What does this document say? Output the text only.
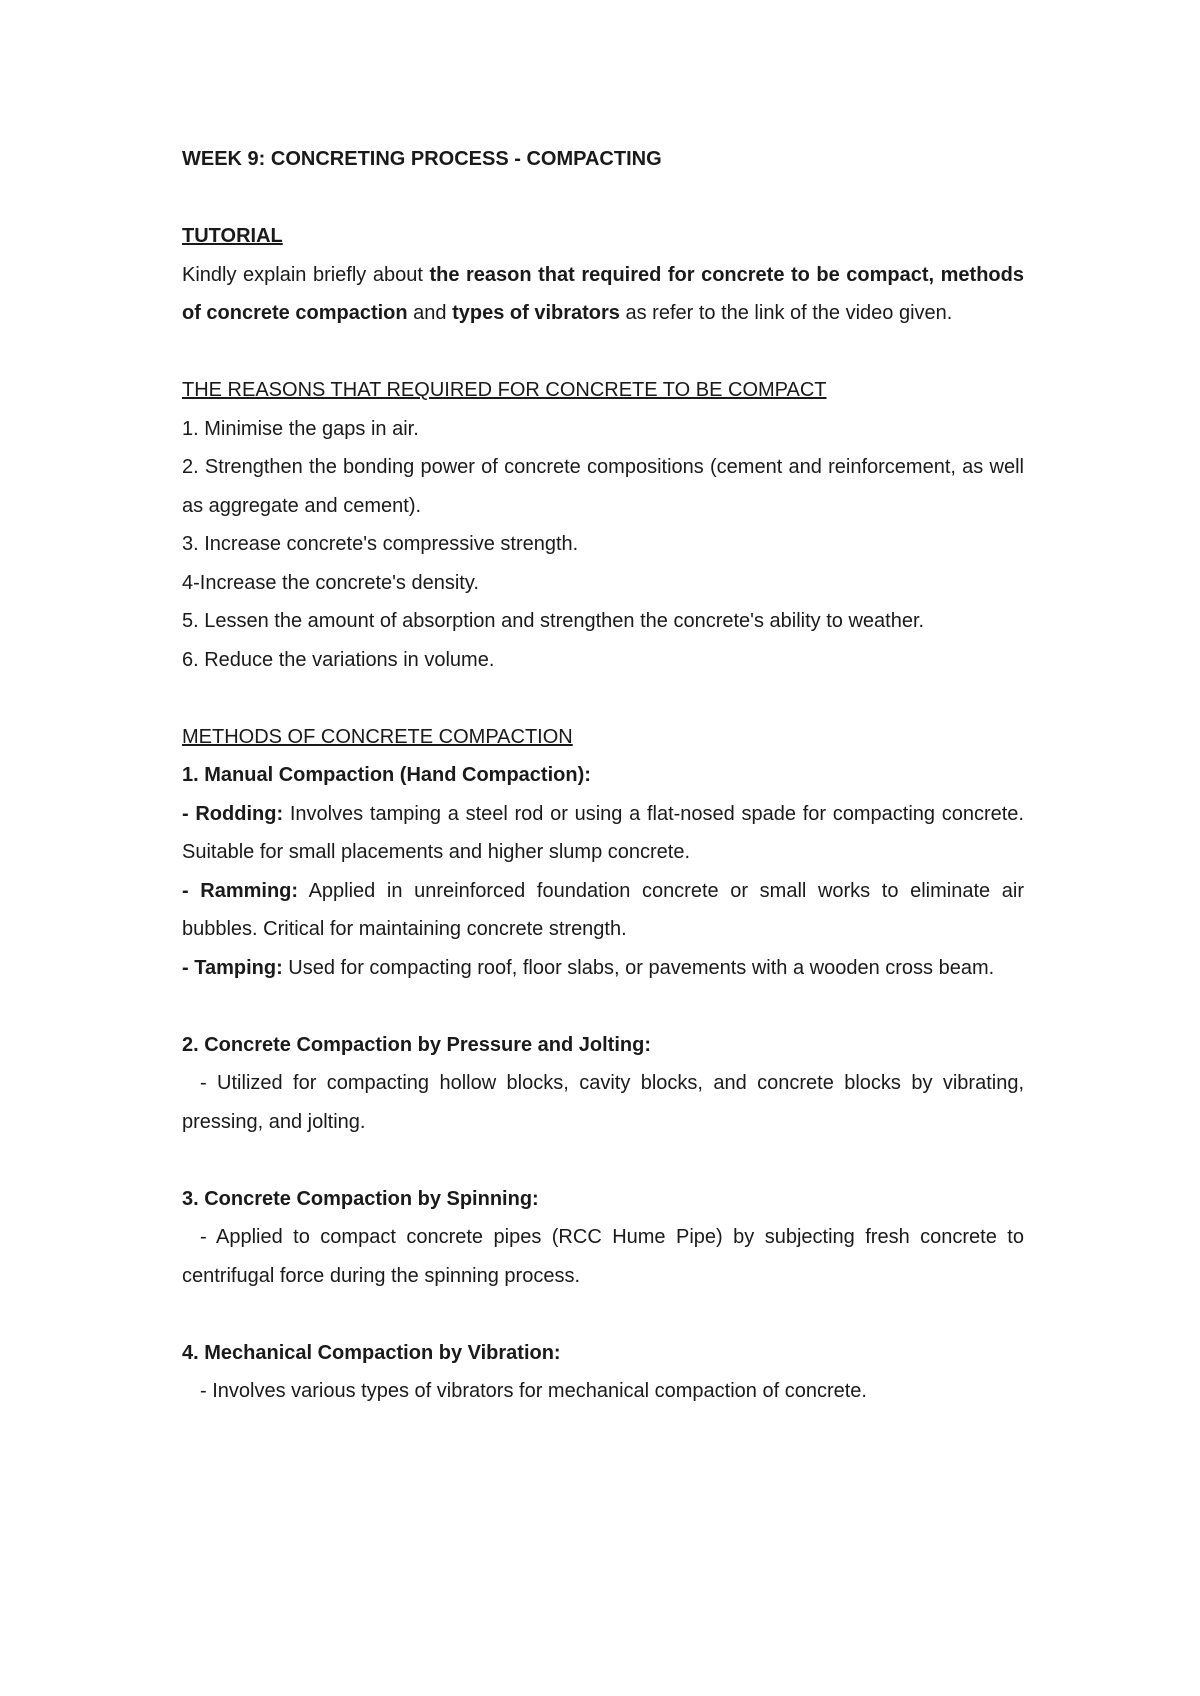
WEEK 9: CONCRETING PROCESS - COMPACTING

TUTORIAL

Kindly explain briefly about the reason that required for concrete to be compact, methods of concrete compaction and types of vibrators as refer to the link of the video given.

THE REASONS THAT REQUIRED FOR CONCRETE TO BE COMPACT

1. Minimise the gaps in air.

2. Strengthen the bonding power of concrete compositions (cement and reinforcement, as well as aggregate and cement).

3. Increase concrete's compressive strength.

4-Increase the concrete's density.

5. Lessen the amount of absorption and strengthen the concrete's ability to weather.

6. Reduce the variations in volume.

METHODS OF CONCRETE COMPACTION

1. Manual Compaction (Hand Compaction):

- Rodding: Involves tamping a steel rod or using a flat-nosed spade for compacting concrete. Suitable for small placements and higher slump concrete.

- Ramming: Applied in unreinforced foundation concrete or small works to eliminate air bubbles. Critical for maintaining concrete strength.

- Tamping: Used for compacting roof, floor slabs, or pavements with a wooden cross beam.

2. Concrete Compaction by Pressure and Jolting:

- Utilized for compacting hollow blocks, cavity blocks, and concrete blocks by vibrating, pressing, and jolting.

3. Concrete Compaction by Spinning:

- Applied to compact concrete pipes (RCC Hume Pipe) by subjecting fresh concrete to centrifugal force during the spinning process.

4. Mechanical Compaction by Vibration:

- Involves various types of vibrators for mechanical compaction of concrete.
